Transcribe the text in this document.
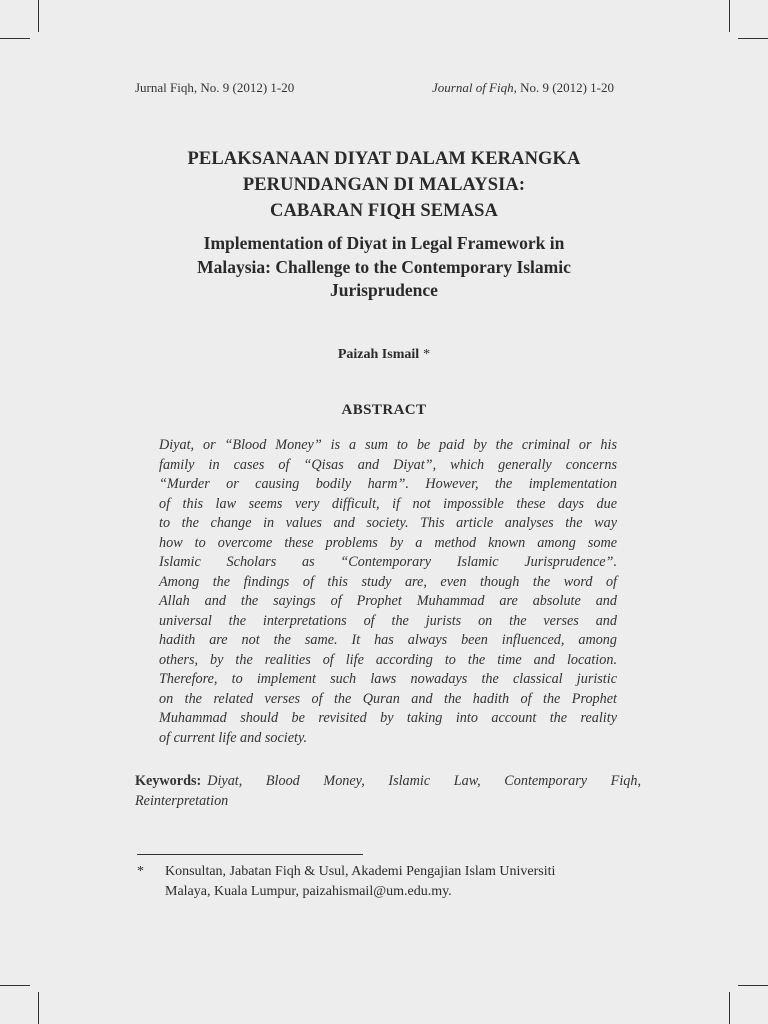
Jurnal Fiqh, No. 9 (2012) 1-20	Journal of Fiqh, No. 9 (2012) 1-20
PELAKSANAAN DIYAT DALAM KERANGKA
PERUNDANGAN DI MALAYSIA:
CABARAN FIQH SEMASA
Implementation of Diyat in Legal Framework in
Malaysia: Challenge to the Contemporary Islamic
Jurisprudence
Paizah Ismail *
ABSTRACT
Diyat, or “Blood Money” is a sum to be paid by the criminal or his
family in cases of “Qisas and Diyat”, which generally concerns
“Murder or causing bodily harm”. However, the implementation
of this law seems very difficult, if not impossible these days due
to the change in values and society. This article analyses the way
how to overcome these problems by a method known among some
Islamic Scholars as “Contemporary Islamic Jurisprudence”.
Among the findings of this study are, even though the word of
Allah and the sayings of Prophet Muhammad are absolute and
universal the interpretations of the jurists on the verses and
hadith are not the same. It has always been influenced, among
others, by the realities of life according to the time and location.
Therefore, to implement such laws nowadays the classical juristic
on the related verses of the Quran and the hadith of the Prophet
Muhammad should be revisited by taking into account the reality
of current life and society.
Keywords: Diyat, Blood Money, Islamic Law, Contemporary Fiqh,
Reinterpretation
* Konsultan, Jabatan Fiqh & Usul, Akademi Pengajian Islam Universiti
Malaya, Kuala Lumpur, paizahismail@um.edu.my.
